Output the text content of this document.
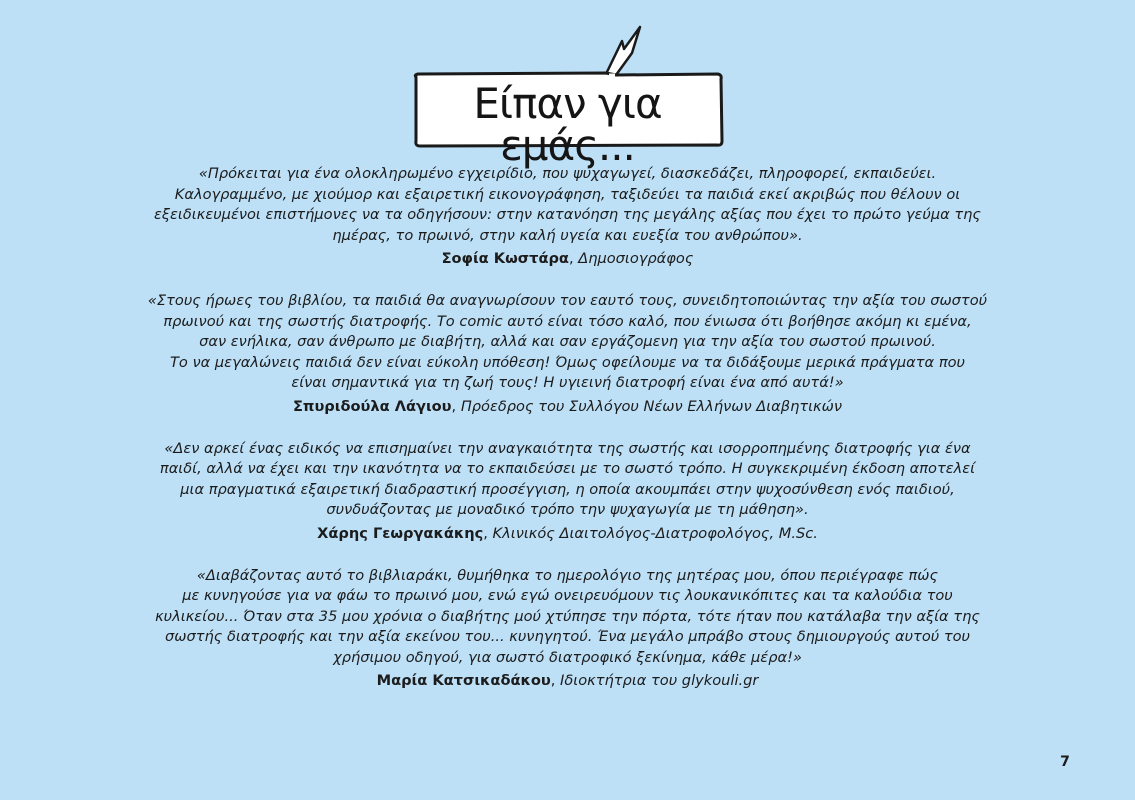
Είπαν για εμάς...
«Πρόκειται για ένα ολοκληρωμένο εγχειρίδιο, που ψυχαγωγεί, διασκεδάζει, πληροφορεί, εκπαιδεύει.
Καλογραμμένο, με χιούμορ και εξαιρετική εικονογράφηση, ταξιδεύει τα παιδιά εκεί ακριβώς που θέλουν οι
εξειδικευμένοι επιστήμονες να τα οδηγήσουν: στην κατανόηση της μεγάλης αξίας που έχει το πρώτο γεύμα της
ημέρας, το πρωινό, στην καλή υγεία και ευεξία του ανθρώπου».
Σοφία Κωστάρα, Δημοσιογράφος
«Στους ήρωες του βιβλίου, τα παιδιά θα αναγνωρίσουν τον εαυτό τους, συνειδητοποιώντας την αξία του σωστού
πρωινού και της σωστής διατροφής. Το comic αυτό είναι τόσο καλό, που ένιωσα ότι βοήθησε ακόμη κι εμένα,
σαν ενήλικα, σαν άνθρωπο με διαβήτη, αλλά και σαν εργάζομενη για την αξία του σωστού πρωινού.
Το να μεγαλώνεις παιδιά δεν είναι εύκολη υπόθεση! Όμως οφείλουμε να τα διδάξουμε μερικά πράγματα που
είναι σημαντικά για τη ζωή τους! Η υγιεινή διατροφή είναι ένα από αυτά!»
Σπυριδούλα Λάγιου, Πρόεδρος του Συλλόγου Νέων Ελλήνων Διαβητικών
«Δεν αρκεί ένας ειδικός να επισημαίνει την αναγκαιότητα της σωστής και ισορροπημένης διατροφής για ένα
παιδί, αλλά να έχει και την ικανότητα να το εκπαιδεύσει με το σωστό τρόπο. Η συγκεκριμένη έκδοση αποτελεί
μια πραγματικά εξαιρετική διαδραστική προσέγγιση, η οποία ακουμπάει στην ψυχοσύνθεση ενός παιδιού,
συνδυάζοντας με μοναδικό τρόπο την ψυχαγωγία με τη μάθηση».
Χάρης Γεωργακάκης, Κλινικός Διαιτολόγος-Διατροφολόγος, M.Sc.
«Διαβάζοντας αυτό το βιβλιαράκι, θυμήθηκα το ημερολόγιο της μητέρας μου, όπου περιέγραφε πώς
με κυνηγούσε για να φάω το πρωινό μου, ενώ εγώ ονειρευόμουν τις λουκανικόπιτες και τα καλούδια του
κυλικείου... Όταν στα 35 μου χρόνια ο διαβήτης μού χτύπησε την πόρτα, τότε ήταν που κατάλαβα την αξία της
σωστής διατροφής και την αξία εκείνου του... κυνηγητού. Ένα μεγάλο μπράβο στους δημιουργούς αυτού του
χρήσιμου οδηγού, για σωστό διατροφικό ξεκίνημα, κάθε μέρα!»
Μαρία Κατσικαδάκου, Ιδιοκτήτρια του glykouli.gr
7
